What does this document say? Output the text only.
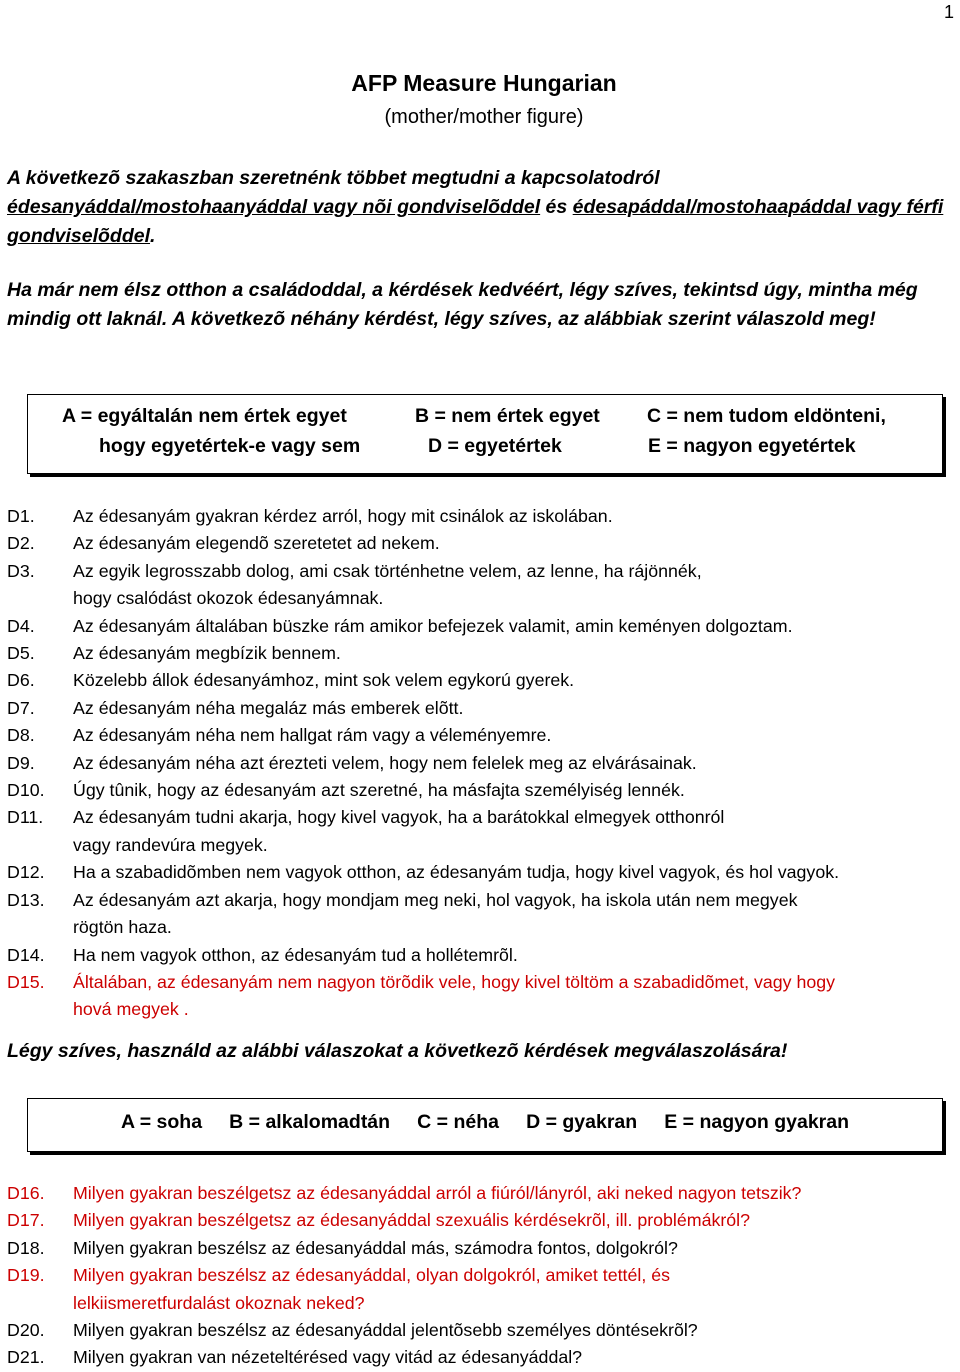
1
AFP Measure Hungarian
(mother/mother figure)
A következõ szakaszban szeretnénk többet megtudni a kapcsolatodról édesanyáddal/mostohaanyáddal vagy nõi gondviselõddel és édesapáddal/mostohaapáddal vagy férfi gondviselõddel.
Ha már nem élsz otthon a családoddal, a kérdések kedvéért, légy szíves, tekintsd úgy, mintha még mindig ott laknál. A következõ néhány kérdést, légy szíves, az alábbiak szerint válaszold meg!
A = egyáltalán nem értek egyet	B = nem értek egyet C = nem tudom eldönteni,
hogy egyetértek-e vagy sem	D = egyetértek	E = nagyon egyetértek
D1.	Az édesanyám gyakran kérdez arról, hogy mit csinálok az iskolában.
D2.	Az édesanyám elegendõ szeretetet ad nekem.
D3.	Az egyik legrosszabb dolog, ami csak történhetne velem, az lenne, ha rájönnék,
hogy csalódást okozok édesanyámnak.
D4.	Az édesanyám általában büszke rám amikor befejezek valamit, amin keményen dolgoztam.
D5.	Az édesanyám megbízik bennem.
D6.	Közelebb állok édesanyámhoz, mint sok velem egykorú gyerek.
D7.	Az édesanyám néha megaláz más emberek elõtt.
D8.	Az édesanyám néha nem hallgat rám vagy a véleményemre.
D9.	Az édesanyám néha azt érezteti velem, hogy nem felelek meg az elvárásainak.
D10.	Úgy tûnik, hogy az édesanyám azt szeretné, ha másfajta személyiség lennék.
D11.	Az édesanyám tudni akarja, hogy kivel vagyok, ha a barátokkal elmegyek otthonról
vagy randevúra megyek.
D12.	Ha a szabadidõmben nem vagyok otthon, az édesanyám tudja, hogy kivel vagyok, és hol vagyok.
D13.	Az édesanyám azt akarja, hogy mondjam meg neki, hol vagyok, ha iskola után nem megyek
rögtön haza.
D14.	Ha nem vagyok otthon, az édesanyám tud a hollétemrõl.
D15.	Általában, az édesanyám nem nagyon törõdik vele, hogy kivel töltöm a szabadidõmet, vagy hogy
hová megyek .
Légy szíves, használd az alábbi válaszokat a következõ kérdések megválaszolására!
A = soha     B = alkalomadtán     C = néha     D = gyakran     E = nagyon gyakran
D16.	Milyen gyakran beszélgetsz az édesanyáddal arról a fiúról/lányról, aki neked nagyon tetszik?
D17.	Milyen gyakran beszélgetsz az édesanyáddal szexuális kérdésekrõl, ill. problémákról?
D18.	Milyen gyakran beszélsz az édesanyáddal más, számodra fontos, dolgokról?
D19.	Milyen gyakran beszélsz az édesanyáddal, olyan dolgokról, amiket tettél, és
lelkiismeretfurdalást okoznak neked?
D20.	Milyen gyakran beszélsz az édesanyáddal jelentõsebb személyes döntésekrõl?
D21.	Milyen gyakran van nézeteltérésed vagy vitád az édesanyáddal?
